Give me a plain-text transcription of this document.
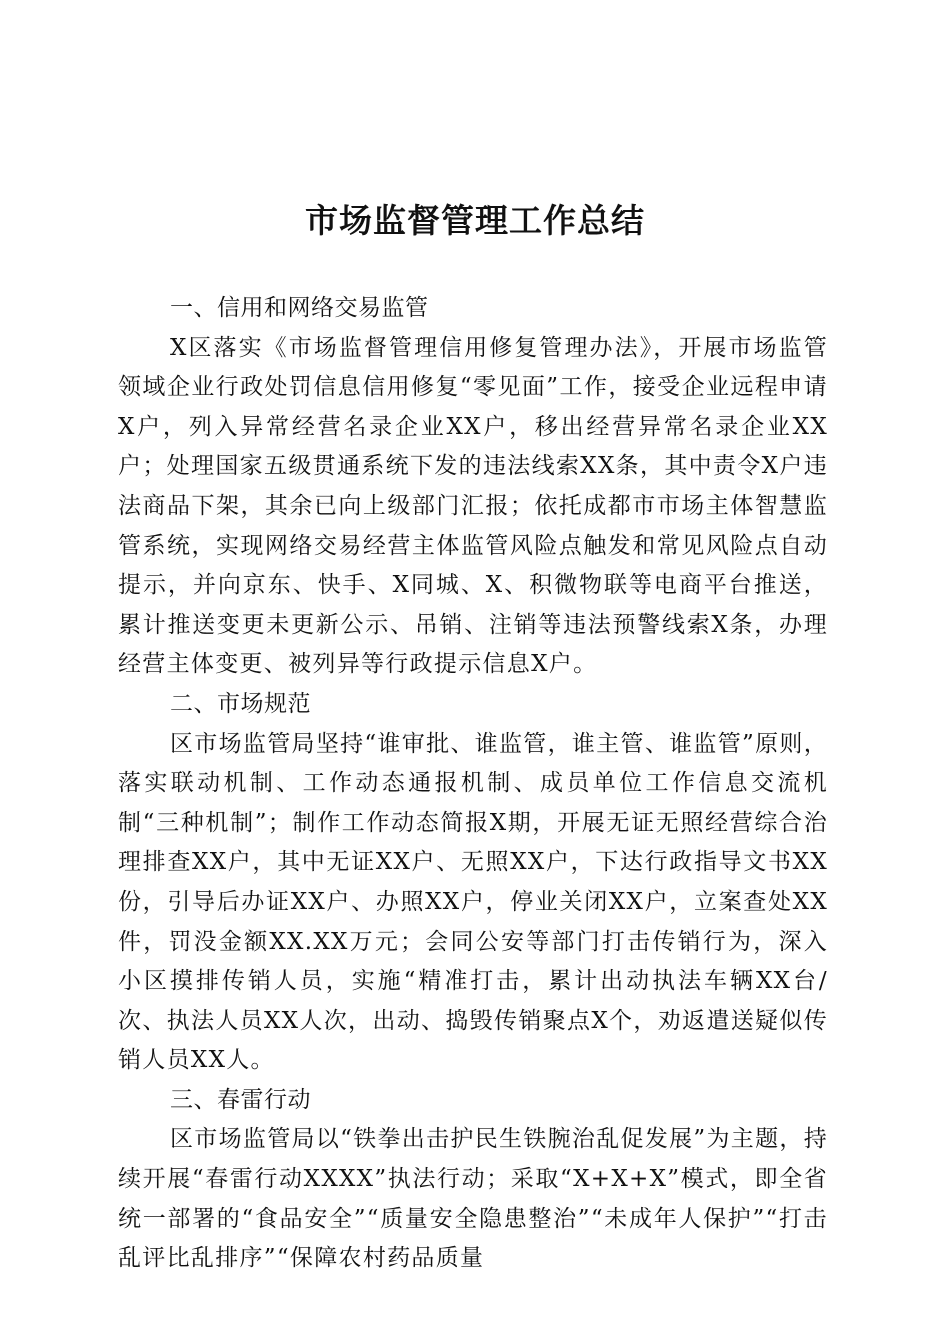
市场监督管理工作总结
一、信用和网络交易监管

X区落实《市场监督管理信用修复管理办法》，开展市场监管领域企业行政处罚信息信用修复“零见面”工作，接受企业远程申请X户，列入异常经营名录企业XX户，移出经营异常名录企业XX户；处理国家五级贯通系统下发的违法线索XX条，其中责令X户违法商品下架，其余已向上级部门汇报；依托成都市市场主体智慧监管系统，实现网络交易经营主体监管风险点触发和常见风险点自动提示，并向京东、快手、X同城、X、积微物联等电商平台推送，累计推送变更未更新公示、吊销、注销等违法预警线索X条，办理经营主体变更、被列异等行政提示信息X户。

二、市场规范

区市场监管局坚持“谁审批、谁监管，谁主管、谁监管”原则，落实联动机制、工作动态通报机制、成员单位工作信息交流机制“三种机制”；制作工作动态简报X期，开展无证无照经营综合治理排查XX户，其中无证XX户、无照XX户，下达行政指导文书XX份，引导后办证XX户、办照XX户，停业关闭XX户，立案查处XX件，罚没金额XX.XX万元；会同公安等部门打击传销行为，深入小区摸排传销人员，实施“精准打击，累计出动执法车辆XX台/次、执法人员XX人次，出动、捣毁传销聚点X个，劝返遣送疑似传销人员XX人。

三、春雷行动

区市场监管局以“铁拳出击护民生铁腕治乱促发展”为主题，持续开展“春雷行动XXXX”执法行动；采取“X+X+X”模式，即全省统一部署的“食品安全”“质量安全隐患整治”“未成年人保护”“打击乱评比乱排序”“保障农村药品质量
